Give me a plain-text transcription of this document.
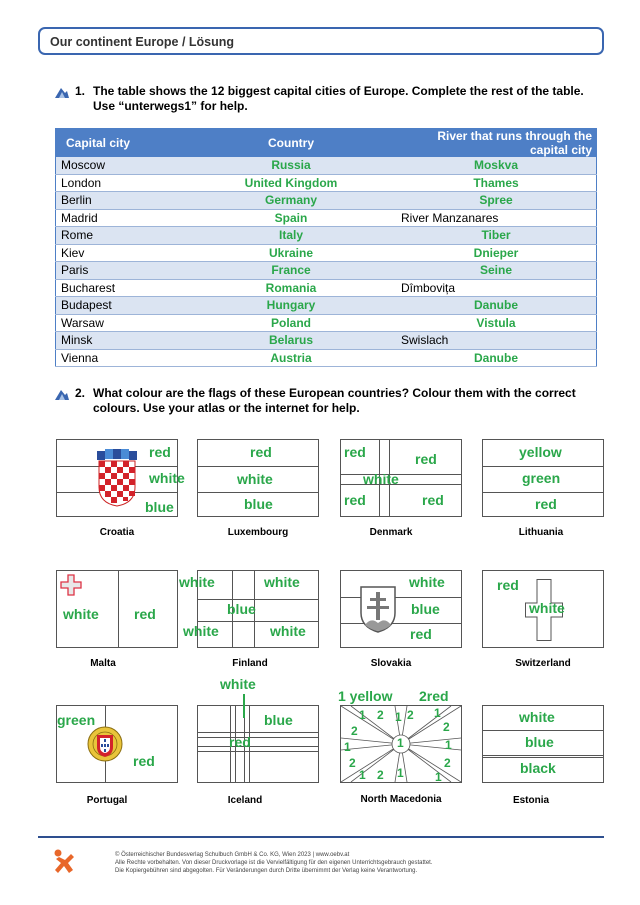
Our continent Europe / Lösung
1. The table shows the 12 biggest capital cities of Europe. Complete the rest of the table.
Use “unterwegs1” for help.
Capital city	Country	River that runs through the capital city
Moscow	Russia	Moskva
London	United Kingdom	Thames
Berlin	Germany	Spree
Madrid	Spain	River Manzanares
Rome	Italy	Tiber
Kiev	Ukraine	Dnieper
Paris	France	Seine
Bucharest	Romania	Dîmbovița
Budapest	Hungary	Danube
Warsaw	Poland	Vistula
Minsk	Belarus	Swislach
Vienna	Austria	Danube
2. What colour are the flags of these European countries? Colour them with the correct
colours. Use your atlas or the internet for help.
red
white
blue
Croatia
red
white
blue
Luxembourg
red	red
white
red	red
Denmark
yellow
green
red
Lithuania
white	red
Malta
white	white
blue
white	white
Finland
white
blue
red
Slovakia
red
white
Switzerland
green
red
Portugal
white
blue
red
Iceland
1 yellow 2red
1
1 2 1 2 1
2	2
1	1
2	2
1 2 1	1
North Macedonia
white
blue
black
Estonia
© Österreichischer Bundesverlag Schulbuch GmbH & Co. KG, Wien 2023 | www.oebv.at
Alle Rechte vorbehalten. Von dieser Druckvorlage ist die Vervielfältigung für den eigenen Unterrichtsgebrauch gestattet.
Die Kopiergebühren sind abgegolten. Für Veränderungen durch Dritte übernimmt der Verlag keine Verantwortung.
